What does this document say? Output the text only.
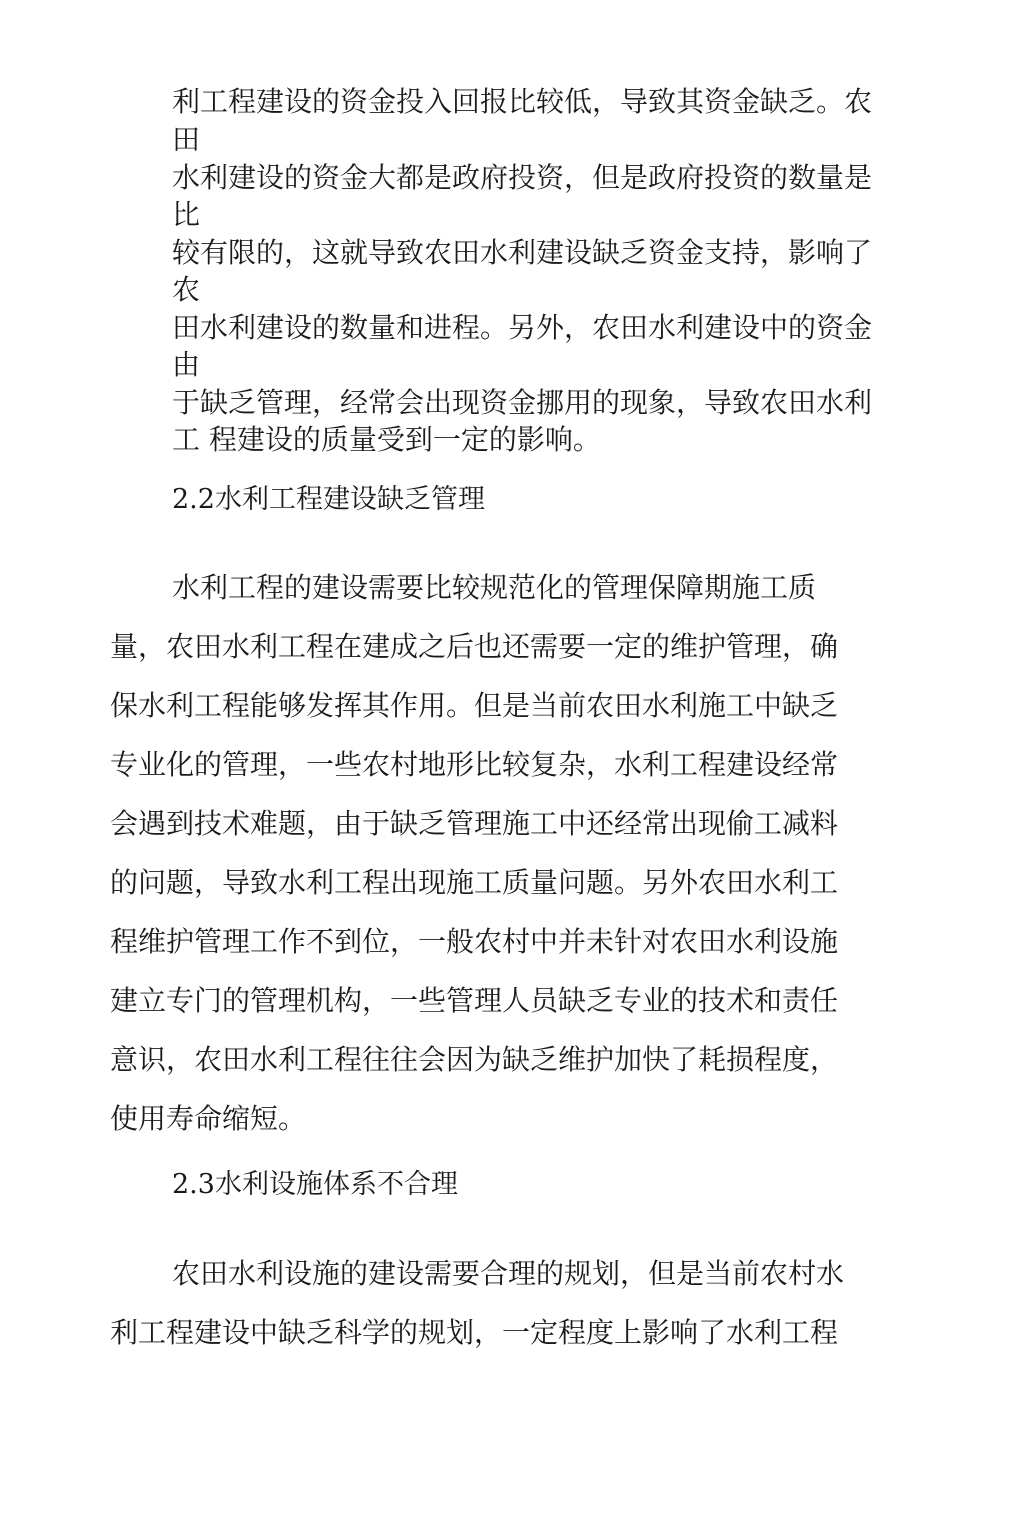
利工程建设的资金投入回报比较低，导致其资金缺乏。农
田
水利建设的资金大都是政府投资，但是政府投资的数量是
比
较有限的，这就导致农田水利建设缺乏资金支持，影响了
农
田水利建设的数量和进程。另外，农田水利建设中的资金
由
于缺乏管理，经常会出现资金挪用的现象，导致农田水利
工 程建设的质量受到一定的影响。
2.2水利工程建设缺乏管理
水利工程的建设需要比较规范化的管理保障期施工质
量，农田水利工程在建成之后也还需要一定的维护管理，确
保水利工程能够发挥其作用。但是当前农田水利施工中缺乏
专业化的管理，一些农村地形比较复杂，水利工程建设经常
会遇到技术难题，由于缺乏管理施工中还经常出现偷工减料
的问题，导致水利工程出现施工质量问题。另外农田水利工
程维护管理工作不到位，一般农村中并未针对农田水利设施
建立专门的管理机构，一些管理人员缺乏专业的技术和责任
意识，农田水利工程往往会因为缺乏维护加快了耗损程度，
使用寿命缩短。
2.3水利设施体系不合理
农田水利设施的建设需要合理的规划，但是当前农村水
利工程建设中缺乏科学的规划，一定程度上影响了水利工程
